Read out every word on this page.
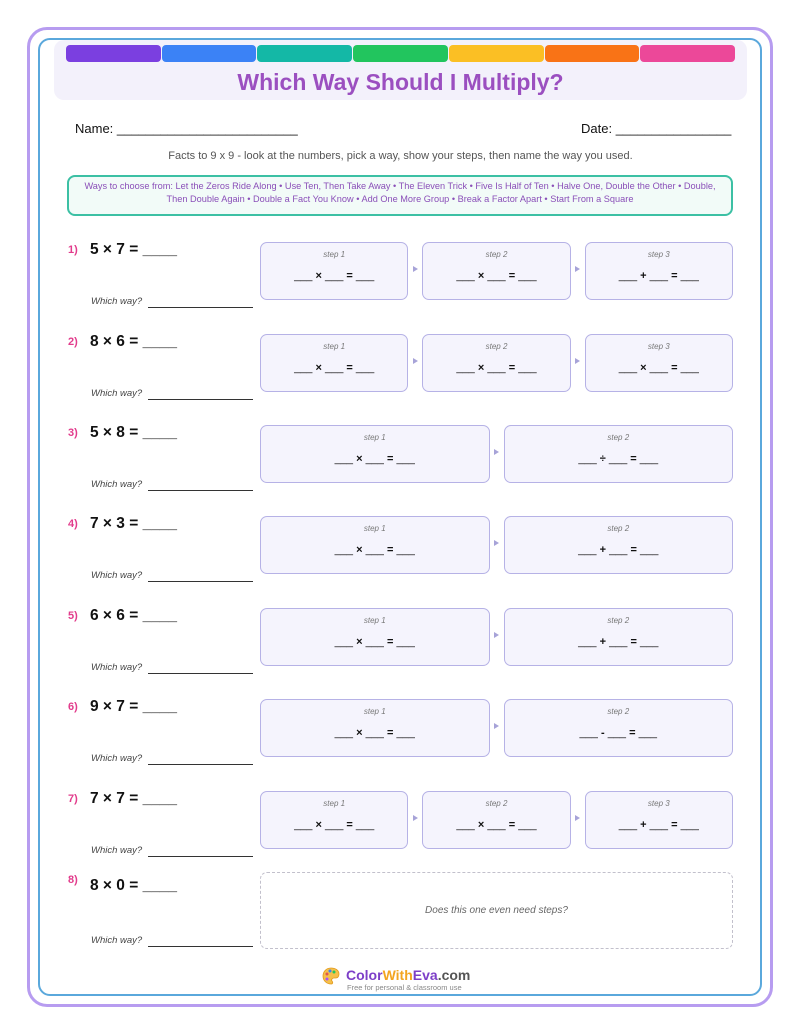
Which Way Should I Multiply?
Name: _________________________	Date: ________________
Facts to 9 x 9 - look at the numbers, pick a way, show your steps, then name the way you used.
Ways to choose from: Let the Zeros Ride Along • Use Ten, Then Take Away • The Eleven Trick • Five Is Half of Ten • Halve One, Double the Other • Double, Then Double Again • Double a Fact You Know • Add One More Group • Break a Factor Apart • Start From a Square
1) 5 × 7 = ____
Which way?
step 1
___ × ___ = ___
step 2
___ × ___ = ___
step 3
___ + ___ = ___
2) 8 × 6 = ____
Which way?
step 1
___ × ___ = ___
step 2
___ × ___ = ___
step 3
___ × ___ = ___
3) 5 × 8 = ____
Which way?
step 1
___ × ___ = ___
step 2
___ ÷ ___ = ___
4) 7 × 3 = ____
Which way?
step 1
___ × ___ = ___
step 2
___ + ___ = ___
5) 6 × 6 = ____
Which way?
step 1
___ × ___ = ___
step 2
___ + ___ = ___
6) 9 × 7 = ____
Which way?
step 1
___ × ___ = ___
step 2
___ - ___ = ___
7) 7 × 7 = ____
Which way?
step 1
___ × ___ = ___
step 2
___ × ___ = ___
step 3
___ + ___ = ___
8) 8 × 0 = ____
Which way?
Does this one even need steps?
ColorWithEva.com
Free for personal & classroom use
